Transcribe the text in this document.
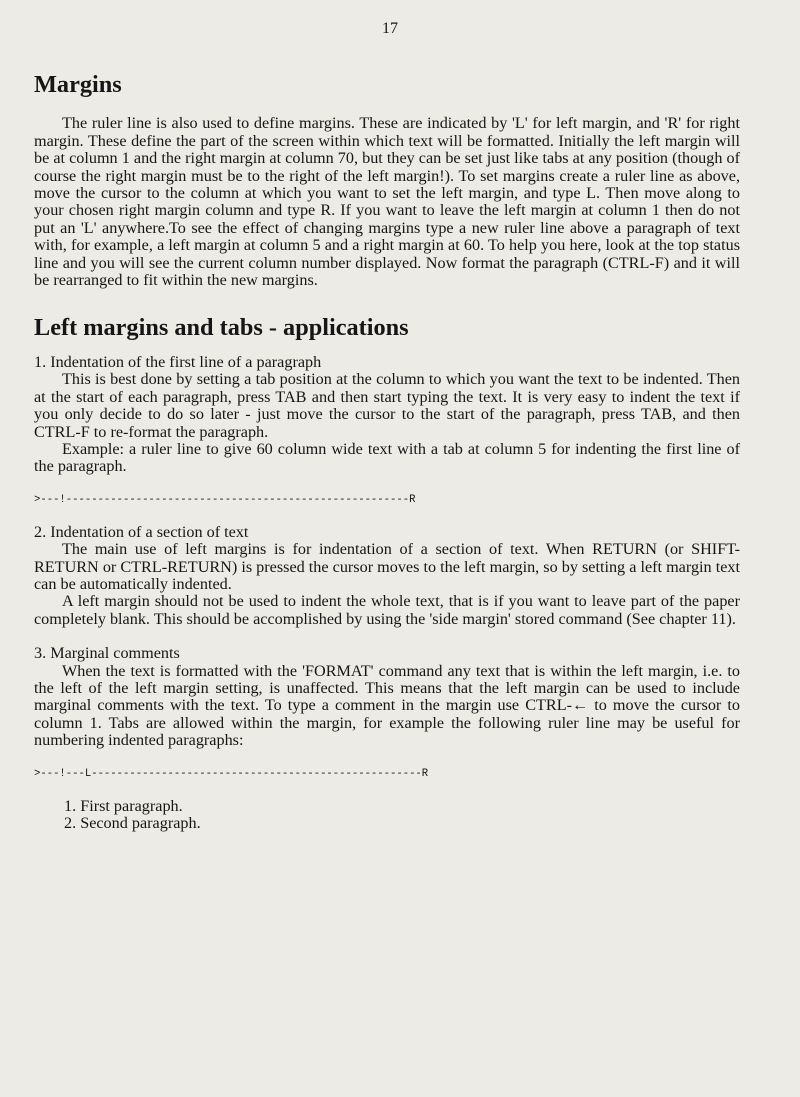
17
Margins

The ruler line is also used to define margins. These are indicated by 'L' for left margin, and 'R' for right margin. These define the part of the screen within which text will be formatted. Initially the left margin will be at column 1 and the right margin at column 70, but they can be set just like tabs at any position (though of course the right margin must be to the right of the left margin!). To set margins create a ruler line as above, move the cursor to the column at which you want to set the left margin, and type L. Then move along to your chosen right margin column and type R. If you want to leave the left margin at column 1 then do not put an 'L' anywhere.To see the effect of changing margins type a new ruler line above a paragraph of text with, for example, a left margin at column 5 and a right margin at 60. To help you here, look at the top status line and you will see the current column number displayed. Now format the paragraph (CTRL-F) and it will be rearranged to fit within the new margins.

Left margins and tabs - applications
1. Indentation of the first line of a paragraph

This is best done by setting a tab position at the column to which you want the text to be indented. Then at the start of each paragraph, press TAB and then start typing the text. It is very easy to indent the text if you only decide to do so later - just move the cursor to the start of the paragraph, press TAB, and then CTRL-F to re-format the paragraph.

Example: a ruler line to give 60 column wide text with a tab at column 5 for indenting the first line of the paragraph.

>---!------------------------------------------------------R
2. Indentation of a section of text

The main use of left margins is for indentation of a section of text. When RETURN (or SHIFT-RETURN or CTRL-RETURN) is pressed the cursor moves to the left margin, so by setting a left margin text can be automatically indented.

A left margin should not be used to indent the whole text, that is if you want to leave part of the paper completely blank. This should be accomplished by using the 'side margin' stored command (See chapter 11).

3. Marginal comments

When the text is formatted with the 'FORMAT' command any text that is within the left margin, i.e. to the left of the left margin setting, is unaffected. This means that the left margin can be used to include marginal comments with the text. To type a comment in the margin use CTRL-← to move the cursor to column 1. Tabs are allowed within the margin, for example the following ruler line may be useful for numbering indented paragraphs:

>---!---L----------------------------------------------------R
1. First paragraph.
2. Second paragraph.
